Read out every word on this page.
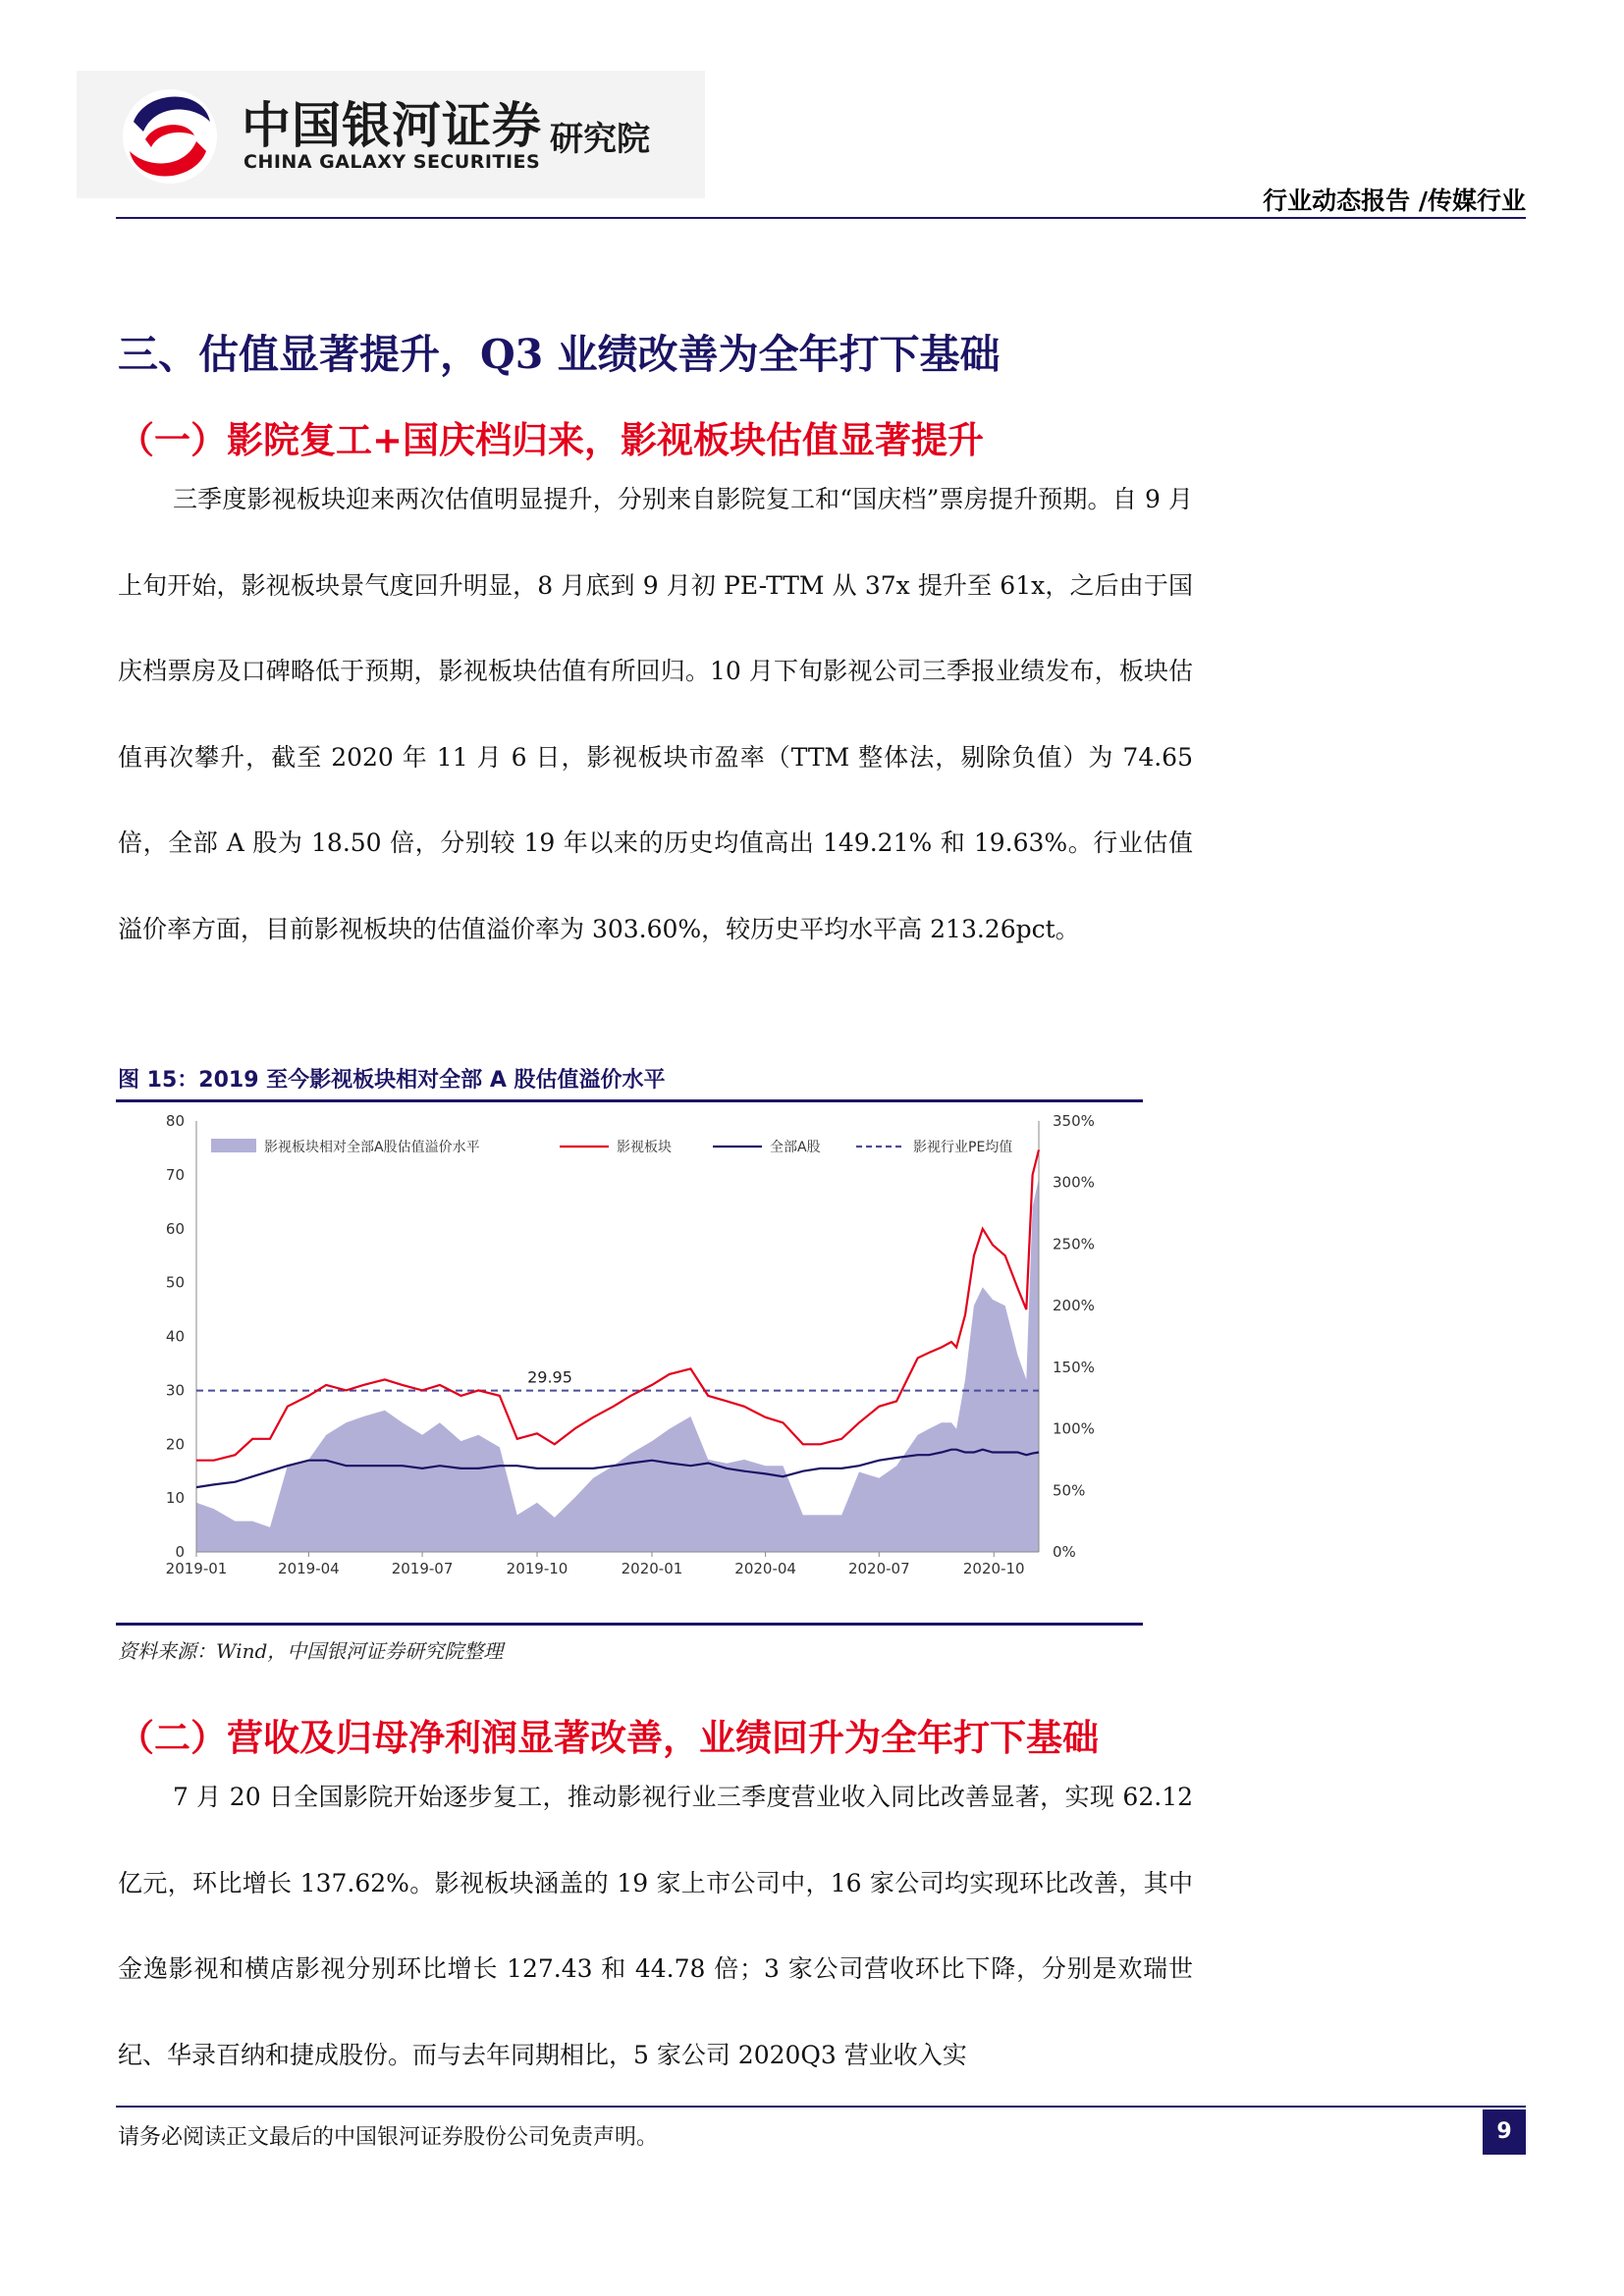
中国银河证券
CHINA GALAXY SECURITIES
研究院
行业动态报告 /传媒行业
三、估值显著提升，Q3 业绩改善为全年打下基础
（一）影院复工+国庆档归来，影视板块估值显著提升

三季度影视板块迎来两次估值明显提升，分别来自影院复工和“国庆档”票房提升预期。自 9 月上旬开始，影视板块景气度回升明显，8 月底到 9 月初 PE-TTM 从 37x 提升至 61x，之后由于国庆档票房及口碑略低于预期，影视板块估值有所回归。10 月下旬影视公司三季报业绩发布，板块估值再次攀升，截至 2020 年 11 月 6 日，影视板块市盈率（TTM 整体法，剔除负值）为 74.65 倍，全部 A 股为 18.50 倍，分别较 19 年以来的历史均值高出 149.21% 和 19.63%。行业估值溢价率方面，目前影视板块的估值溢价率为 303.60%，较历史平均水平高 213.26pct。

图 15：2019 至今影视板块相对全部 A 股估值溢价水平
0
10
20
30
40
50
60
70
80
0%
50%
100%
150%
200%
250%
300%
350%
2019-01	2019-04	2019-07	2019-10	2020-01	2020-04	2020-07	2020-10
29.95
影视板块相对全部A股估值溢价水平	影视板块	全部A股	影视行业PE均值
资料来源：Wind，中国银河证券研究院整理
（二）营收及归母净利润显著改善，业绩回升为全年打下基础

7 月 20 日全国影院开始逐步复工，推动影视行业三季度营业收入同比改善显著，实现 62.12 亿元，环比增长 137.62%。影视板块涵盖的 19 家上市公司中，16 家公司均实现环比改善，其中金逸影视和横店影视分别环比增长 127.43 和 44.78 倍；3 家公司营收环比下降，分别是欢瑞世纪、华录百纳和捷成股份。而与去年同期相比，5 家公司 2020Q3 营业收入实

请务必阅读正文最后的中国银河证券股份公司免责声明。	9
